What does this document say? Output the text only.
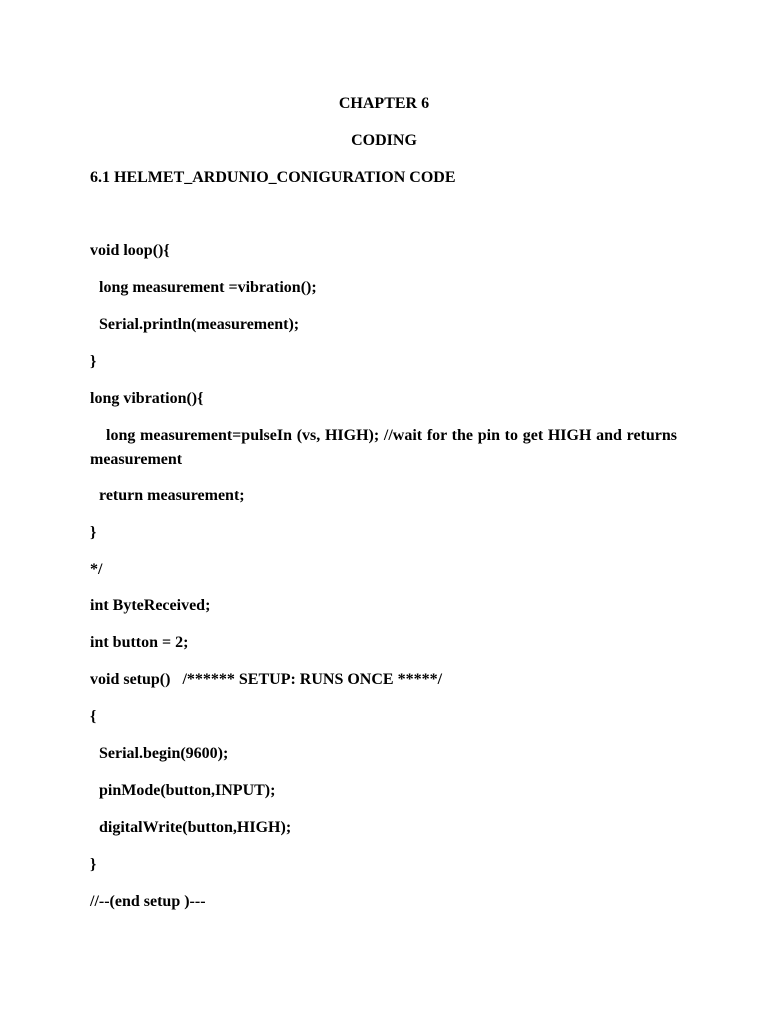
CHAPTER 6
CODING
6.1 HELMET_ARDUNIO_CONIGURATION CODE
void loop(){
long measurement =vibration();
Serial.println(measurement);
}
long vibration(){
long measurement=pulseIn (vs, HIGH); //wait for the pin to get HIGH and returns measurement
return measurement;
}
*/
int ByteReceived;
int button = 2;
void setup()   /****** SETUP: RUNS ONCE *****/
{
Serial.begin(9600);
pinMode(button,INPUT);
digitalWrite(button,HIGH);
}
//--(end setup )---
